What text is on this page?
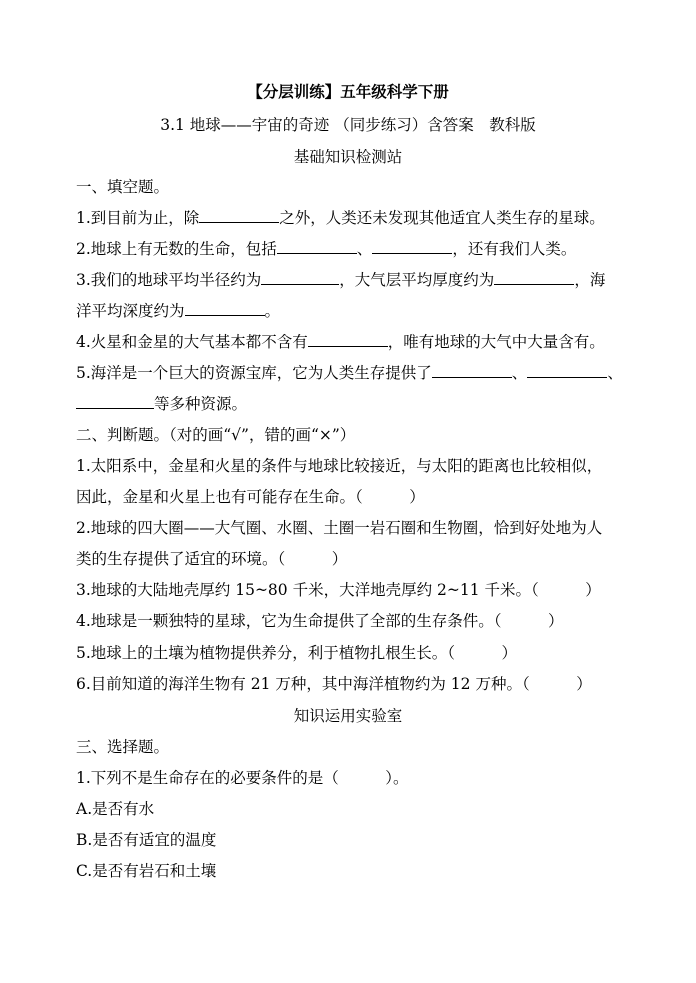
【分层训练】五年级科学下册
3.1 地球——宇宙的奇迹 （同步练习）含答案　教科版
基础知识检测站
一、填空题。
1.到目前为止，除	之外，人类还未发现其他适宜人类生存的星球。
2.地球上有无数的生命，包括	、	，还有我们人类。
3.我们的地球平均半径约为	，大气层平均厚度约为	，海
洋平均深度约为	。
4.火星和金星的大气基本都不含有	，唯有地球的大气中大量含有。
5.海洋是一个巨大的资源宝库，它为人类生存提供了	、	、
等多种资源。
二、判断题。（对的画“√”，错的画“×”）
1.太阳系中，金星和火星的条件与地球比较接近，与太阳的距离也比较相似，
因此，金星和火星上也有可能存在生命。（　　　）
2.地球的四大圈——大气圈、水圈、土圈一岩石圈和生物圈，恰到好处地为人
类的生存提供了适宜的环境。（　　　）
3.地球的大陆地壳厚约 15~80 千米，大洋地壳厚约 2~11 千米。（　　　）
4.地球是一颗独特的星球，它为生命提供了全部的生存条件。（　　　）
5.地球上的土壤为植物提供养分，利于植物扎根生长。（　　　）
6.目前知道的海洋生物有 21 万种，其中海洋植物约为 12 万种。（　　　）
知识运用实验室
三、选择题。
1.下列不是生命存在的必要条件的是（　　　）。
A.是否有水
B.是否有适宜的温度
C.是否有岩石和土壤
